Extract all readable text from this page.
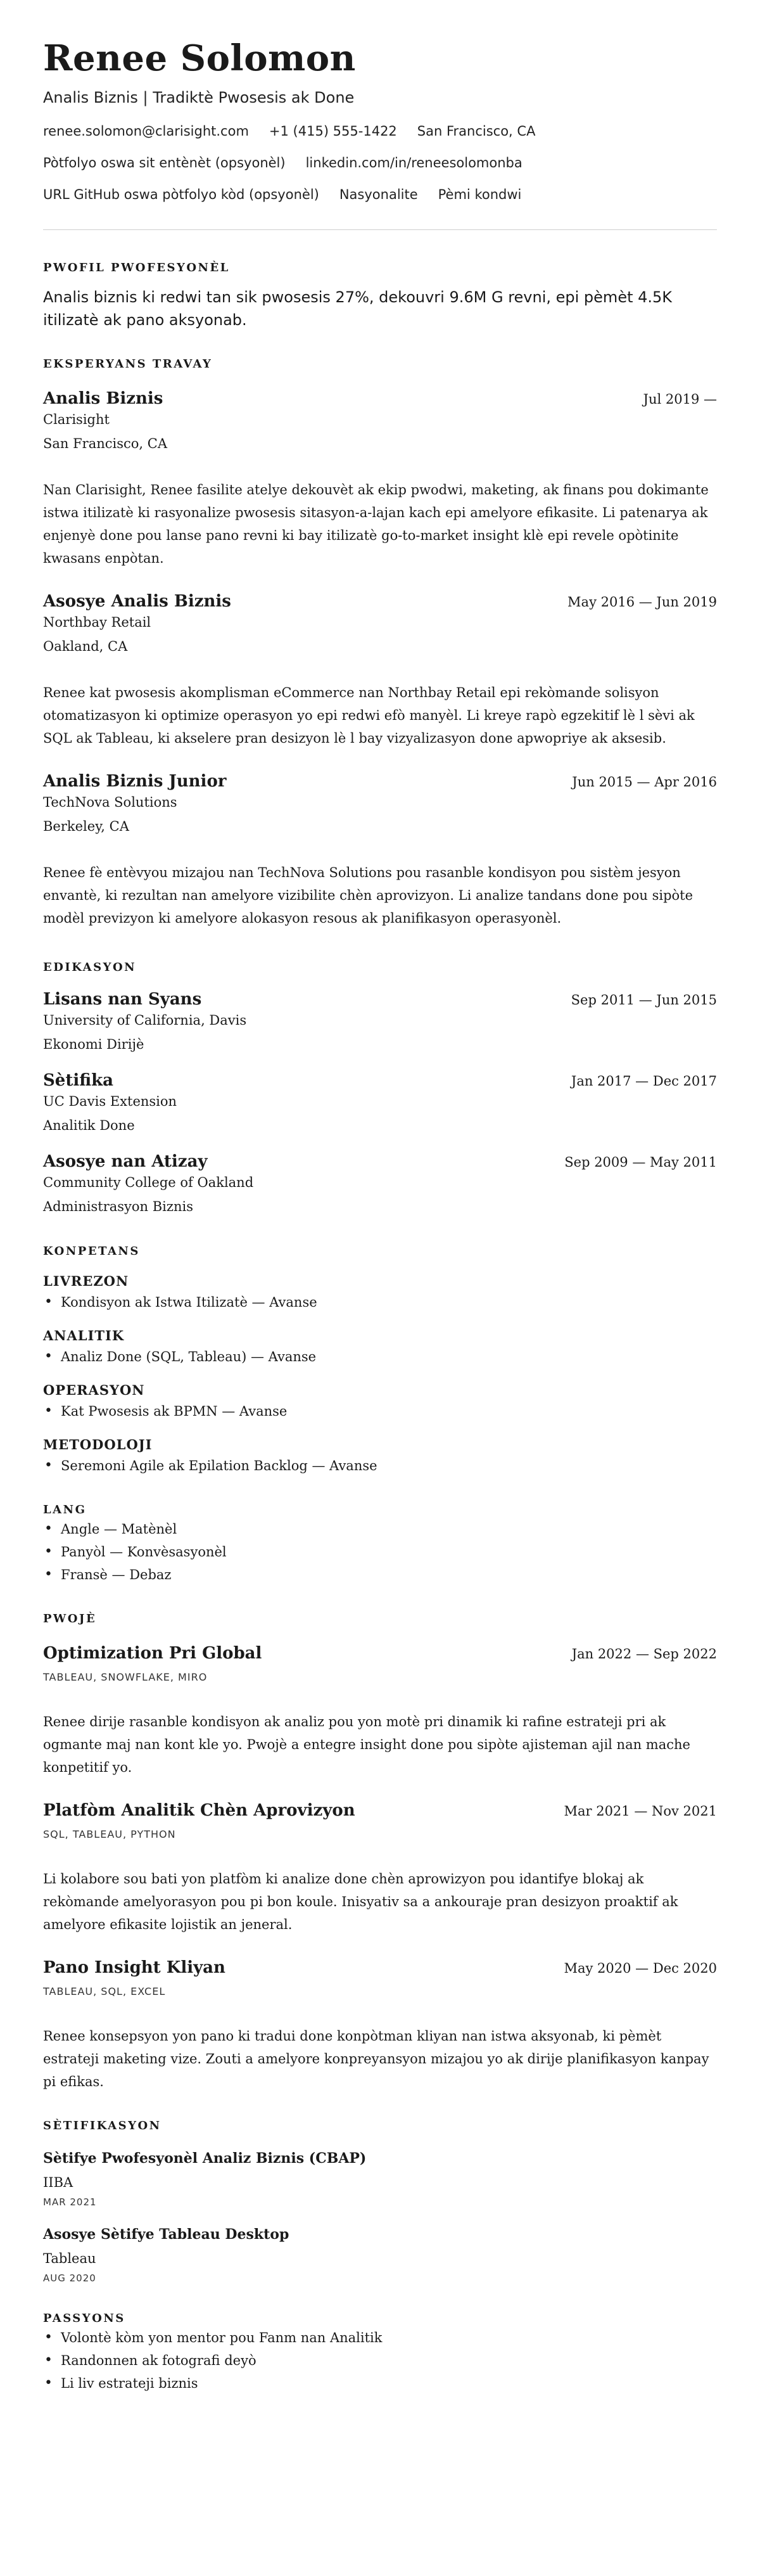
Renee Solomon
Analis Biznis | Tradiktè Pwosesis ak Done
renee.solomon@clarisight.com +1 (415) 555-1422 San Francisco, CA
Pòtfolyo oswa sit entènèt (opsyonèl) linkedin.com/in/reneesolomonba
URL GitHub oswa pòtfolyo kòd (opsyonèl) Nasyonalite Pèmi kondwi
PWOFIL PWOFESYONÈL
Analis biznis ki redwi tan sik pwosesis 27%, dekouvri 9.6M G revni, epi pèmèt 4.5K itilizatè ak pano aksyonab.
EKSPERYANS TRAVAY
Analis Biznis	Jul 2019 —
Clarisight
San Francisco, CA
Nan Clarisight, Renee fasilite atelye dekouvèt ak ekip pwodwi, maketing, ak finans pou dokimante istwa itilizatè ki rasyonalize pwosesis sitasyon-a-lajan kach epi amelyore efikasite. Li patenarya ak enjenyè done pou lanse pano revni ki bay itilizatè go-to-market insight klè epi revele opòtinite kwasans enpòtan.
Asosye Analis Biznis	May 2016 — Jun 2019
Northbay Retail
Oakland, CA
Renee kat pwosesis akomplisman eCommerce nan Northbay Retail epi rekòmande solisyon otomatizasyon ki optimize operasyon yo epi redwi efò manyèl. Li kreye rapò egzekitif lè l sèvi ak SQL ak Tableau, ki akselere pran desizyon lè l bay vizyalizasyon done apwopriye ak aksesib.
Analis Biznis Junior	Jun 2015 — Apr 2016
TechNova Solutions
Berkeley, CA
Renee fè entèvyou mizajou nan TechNova Solutions pou rasanble kondisyon pou sistèm jesyon envantè, ki rezultan nan amelyore vizibilite chèn aprovizyon. Li analize tandans done pou sipòte modèl previzyon ki amelyore alokasyon resous ak planifikasyon operasyonèl.
EDIKASYON
Lisans nan Syans	Sep 2011 — Jun 2015
University of California, Davis
Ekonomi Dirijè
Sètifika	Jan 2017 — Dec 2017
UC Davis Extension
Analitik Done
Asosye nan Atizay	Sep 2009 — May 2011
Community College of Oakland
Administrasyon Biznis
KONPETANS
LIVREZON
• Kondisyon ak Istwa Itilizatè — Avanse
ANALITIK
• Analiz Done (SQL, Tableau) — Avanse
OPERASYON
• Kat Pwosesis ak BPMN — Avanse
METODOLOJI
• Seremoni Agile ak Epilation Backlog — Avanse
LANG
• Angle — Matènèl
• Panyòl — Konvèsasyonèl
• Fransè — Debaz
PWOJÈ
Optimization Pri Global	Jan 2022 — Sep 2022
TABLEAU, SNOWFLAKE, MIRO
Renee dirije rasanble kondisyon ak analiz pou yon motè pri dinamik ki rafine estrateji pri ak ogmante maj nan kont kle yo. Pwojè a entegre insight done pou sipòte ajisteman ajil nan mache konpetitif yo.
Platfòm Analitik Chèn Aprovizyon	Mar 2021 — Nov 2021
SQL, TABLEAU, PYTHON
Li kolabore sou bati yon platfòm ki analize done chèn aprowizyon pou idantifye blokaj ak rekòmande amelyorasyon pou pi bon koule. Inisyativ sa a ankouraje pran desizyon proaktif ak amelyore efikasite lojistik an jeneral.
Pano Insight Kliyan	May 2020 — Dec 2020
TABLEAU, SQL, EXCEL
Renee konsepsyon yon pano ki tradui done konpòtman kliyan nan istwa aksyonab, ki pèmèt estrateji maketing vize. Zouti a amelyore konpreyansyon mizajou yo ak dirije planifikasyon kanpay pi efikas.
SÈTIFIKASYON
Sètifye Pwofesyonèl Analiz Biznis (CBAP)
IIBA
MAR 2021
Asosye Sètifye Tableau Desktop
Tableau
AUG 2020
PASSYONS
• Volontè kòm yon mentor pou Fanm nan Analitik
• Randonnen ak fotografi deyò
• Li liv estrateji biznis
